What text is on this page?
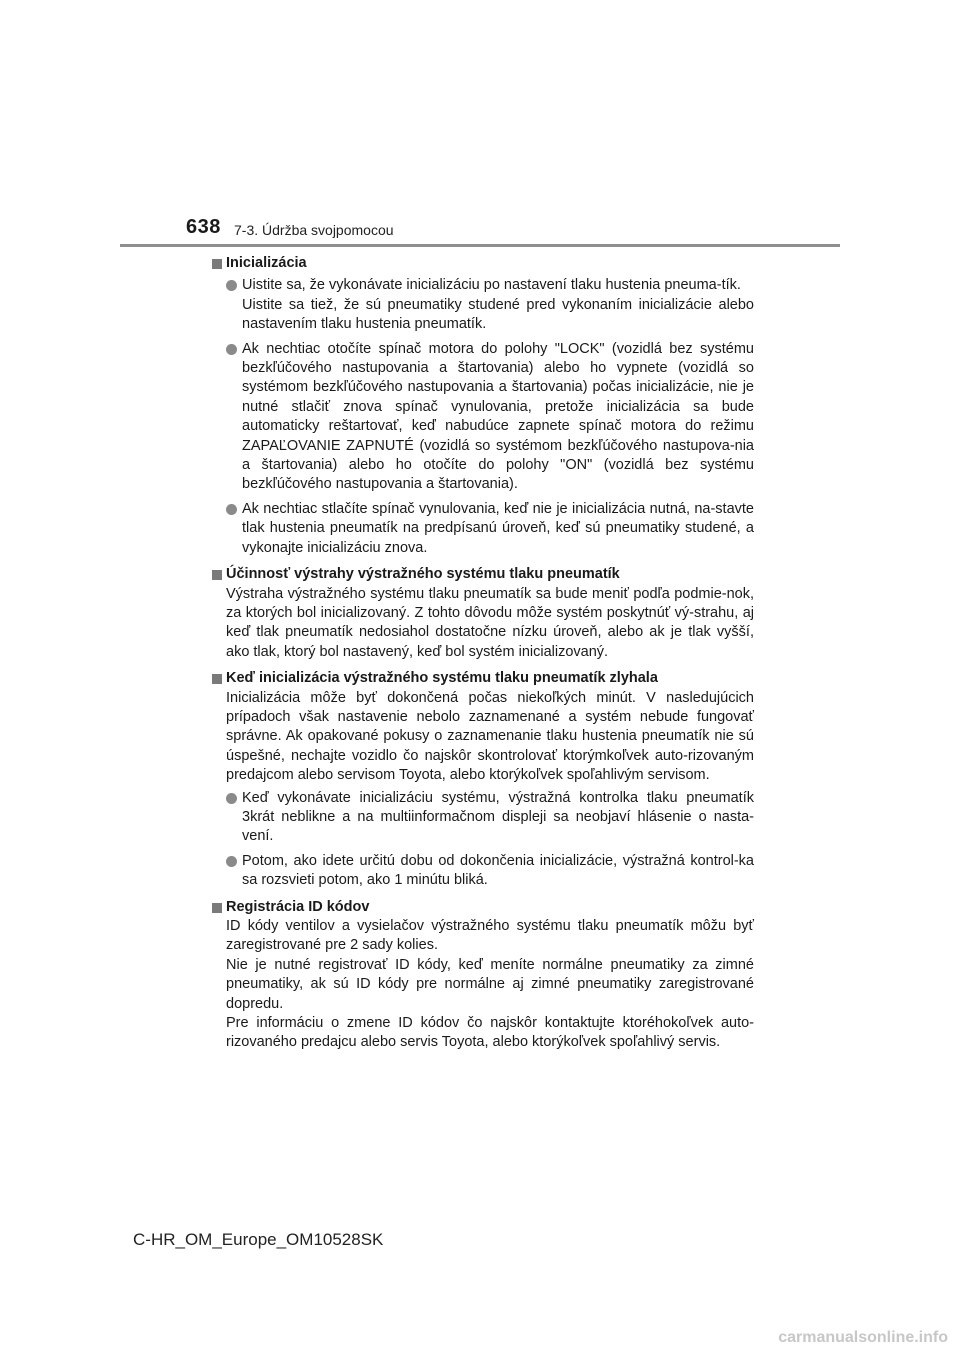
638 7-3. Údržba svojpomocou
Inicializácia
Uistite sa, že vykonávate inicializáciu po nastavení tlaku hustenia pneuma-tík.
Uistite sa tiež, že sú pneumatiky studené pred vykonaním inicializácie alebo nastavením tlaku hustenia pneumatík.
Ak nechtiac otočíte spínač motora do polohy "LOCK" (vozidlá bez systému bezkľúčového nastupovania a štartovania) alebo ho vypnete (vozidlá so systémom bezkľúčového nastupovania a štartovania) počas inicializácie, nie je nutné stlačiť znova spínač vynulovania, pretože inicializácia sa bude automaticky reštartovať, keď nabudúce zapnete spínač motora do režimu ZAPAĽOVANIE ZAPNUTÉ (vozidlá so systémom bezkľúčového nastupova-nia a štartovania) alebo ho otočíte do polohy "ON" (vozidlá bez systému bezkľúčového nastupovania a štartovania).
Ak nechtiac stlačíte spínač vynulovania, keď nie je inicializácia nutná, na-stavte tlak hustenia pneumatík na predpísanú úroveň, keď sú pneumatiky studené, a vykonajte inicializáciu znova.
Účinnosť výstrahy výstražného systému tlaku pneumatík
Výstraha výstražného systému tlaku pneumatík sa bude meniť podľa podmie-nok, za ktorých bol inicializovaný. Z tohto dôvodu môže systém poskytnúť vý-strahu, aj keď tlak pneumatík nedosiahol dostatočne nízku úroveň, alebo ak je tlak vyšší, ako tlak, ktorý bol nastavený, keď bol systém inicializovaný.
Keď inicializácia výstražného systému tlaku pneumatík zlyhala
Inicializácia môže byť dokončená počas niekoľkých minút. V nasledujúcich prípadoch však nastavenie nebolo zaznamenané a systém nebude fungovať správne. Ak opakované pokusy o zaznamenanie tlaku hustenia pneumatík nie sú úspešné, nechajte vozidlo čo najskôr skontrolovať ktorýmkoľvek auto-rizovaným predajcom alebo servisom Toyota, alebo ktorýkoľvek spoľahlivým servisom.
Keď vykonávate inicializáciu systému, výstražná kontrolka tlaku pneumatík 3krát neblikne a na multiinformačnom displeji sa neobjaví hlásenie o nasta-vení.
Potom, ako idete určitú dobu od dokončenia inicializácie, výstražná kontrol-ka sa rozsvieti potom, ako 1 minútu bliká.
Registrácia ID kódov
ID kódy ventilov a vysielačov výstražného systému tlaku pneumatík môžu byť zaregistrované pre 2 sady kolies.
Nie je nutné registrovať ID kódy, keď meníte normálne pneumatiky za zimné pneumatiky, ak sú ID kódy pre normálne aj zimné pneumatiky zaregistrované dopredu.
Pre informáciu o zmene ID kódov čo najskôr kontaktujte ktoréhokoľvek auto-rizovaného predajcu alebo servis Toyota, alebo ktorýkoľvek spoľahlivý servis.
C-HR_OM_Europe_OM10528SK
carmanualsonline.info
